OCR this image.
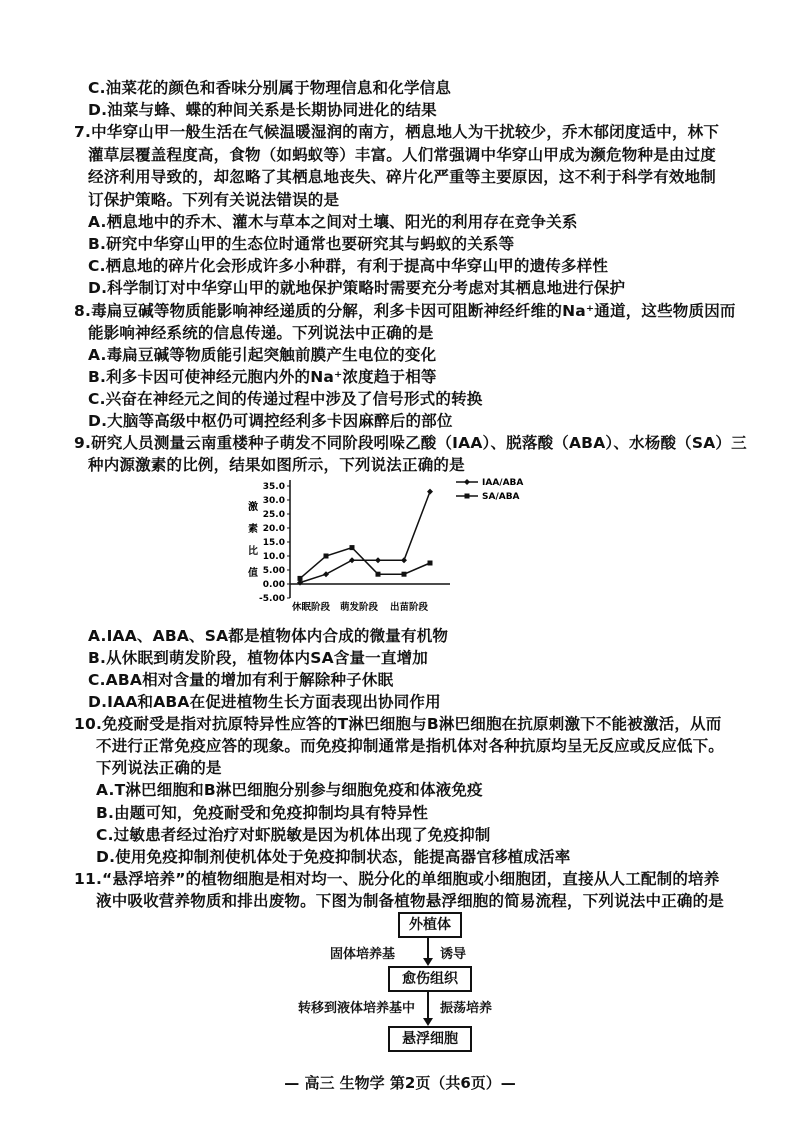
C.油菜花的颜色和香味分别属于物理信息和化学信息
D.油菜与蜂、蝶的种间关系是长期协同进化的结果
7.中华穿山甲一般生活在气候温暖湿润的南方，栖息地人为干扰较少，乔木郁闭度适中，林下
灌草层覆盖程度高，食物（如蚂蚁等）丰富。人们常强调中华穿山甲成为濒危物种是由过度
经济利用导致的，却忽略了其栖息地丧失、碎片化严重等主要原因，这不利于科学有效地制
订保护策略。下列有关说法错误的是
A.栖息地中的乔木、灌木与草本之间对土壤、阳光的利用存在竞争关系
B.研究中华穿山甲的生态位时通常也要研究其与蚂蚁的关系等
C.栖息地的碎片化会形成许多小种群，有利于提高中华穿山甲的遗传多样性
D.科学制订对中华穿山甲的就地保护策略时需要充分考虑对其栖息地进行保护
8.毒扁豆碱等物质能影响神经递质的分解，利多卡因可阻断神经纤维的Na⁺通道，这些物质因而
能影响神经系统的信息传递。下列说法中正确的是
A.毒扁豆碱等物质能引起突触前膜产生电位的变化
B.利多卡因可使神经元胞内外的Na⁺浓度趋于相等
C.兴奋在神经元之间的传递过程中涉及了信号形式的转换
D.大脑等高级中枢仍可调控经利多卡因麻醉后的部位
9.研究人员测量云南重楼种子萌发不同阶段吲哚乙酸（IAA）、脱落酸（ABA）、水杨酸（SA）三
种内源激素的比例，结果如图所示，下列说法正确的是
35.0
30.0
25.0
20.0
15.0
10.0
5.00
0.00
-5.00
激
素
比
值
休眠阶段 萌发阶段 出苗阶段
IAA/ABA
SA/ABA
A.IAA、ABA、SA都是植物体内合成的微量有机物
B.从休眠到萌发阶段，植物体内SA含量一直增加
C.ABA相对含量的增加有利于解除种子休眠
D.IAA和ABA在促进植物生长方面表现出协同作用
10.免疫耐受是指对抗原特异性应答的T淋巴细胞与B淋巴细胞在抗原刺激下不能被激活，从而
不进行正常免疫应答的现象。而免疫抑制通常是指机体对各种抗原均呈无反应或反应低下。
下列说法正确的是
A.T淋巴细胞和B淋巴细胞分别参与细胞免疫和体液免疫
B.由题可知，免疫耐受和免疫抑制均具有特异性
C.过敏患者经过治疗对虾脱敏是因为机体出现了免疫抑制
D.使用免疫抑制剂使机体处于免疫抑制状态，能提高器官移植成活率
11.“悬浮培养”的植物细胞是相对均一、脱分化的单细胞或小细胞团，直接从人工配制的培养
液中吸收营养物质和排出废物。下图为制备植物悬浮细胞的简易流程，下列说法中正确的是
外植体
愈伤组织
悬浮细胞
固体培养基	诱导
转移到液体培养基中 振荡培养
— 高三 生物学 第2页（共6页）—
